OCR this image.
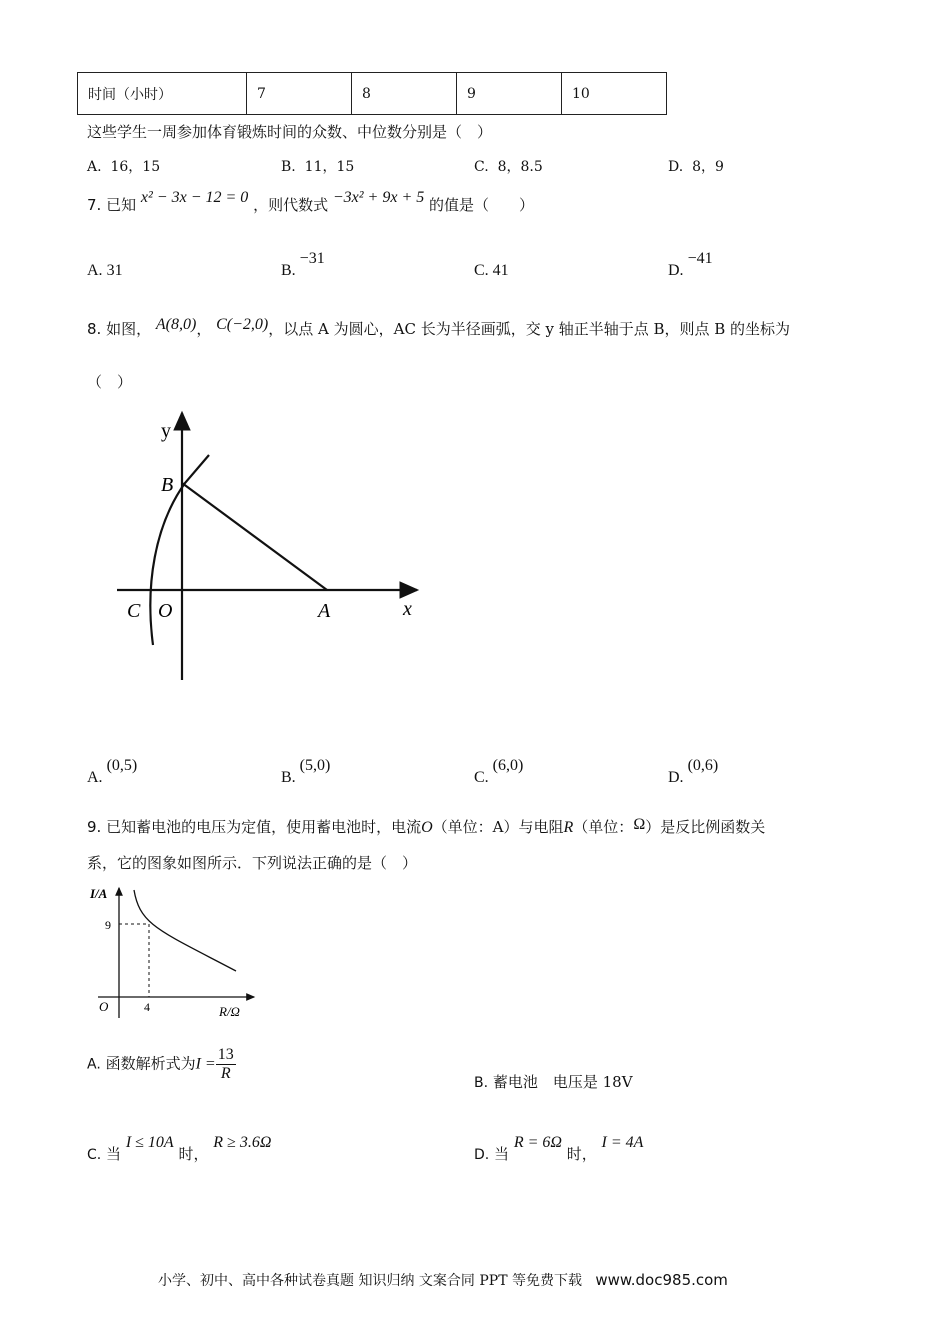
时间（小时）	7	8	9	10
这些学生一周参加体育锻炼时间的众数、中位数分别是（　）
A. 16，15	B. 11，15	C. 8，8.5	D. 8，9
7. 已知 x² − 3x − 12 = 0 ，则代数式 −3x² + 9x + 5 的值是（　　）
A. 31	B. −31
C. 41	D. −41
8. 如图， A(8,0)， C(−2,0)，以点 A 为圆心，AC 长为半径画弧，交 y 轴正半轴于点 B，则点 B 的坐标为
（　）
y
x
B
C O	A
A. (0,5)
B. (5,0)
C. (6,0)
D. (0,6)
9. 已知蓄电池的电压为定值，使用蓄电池时，电流O（单位：A）与电阻R（单位：Ω）是反比例函数关
系，它的图象如图所示．下列说法正确的是（　）
I/A
9
O	4	R/Ω
A. 函数解析式为$I = \frac{13}{R}$	B. 蓄电池　电压是 18V
C. 当 I ≤ 10A 时， R ≥ 3.6Ω
D. 当 R = 6Ω 时， I = 4A
小学、初中、高中各种试卷真题 知识归纳 文案合同 PPT 等免费下载 www.doc985.com
